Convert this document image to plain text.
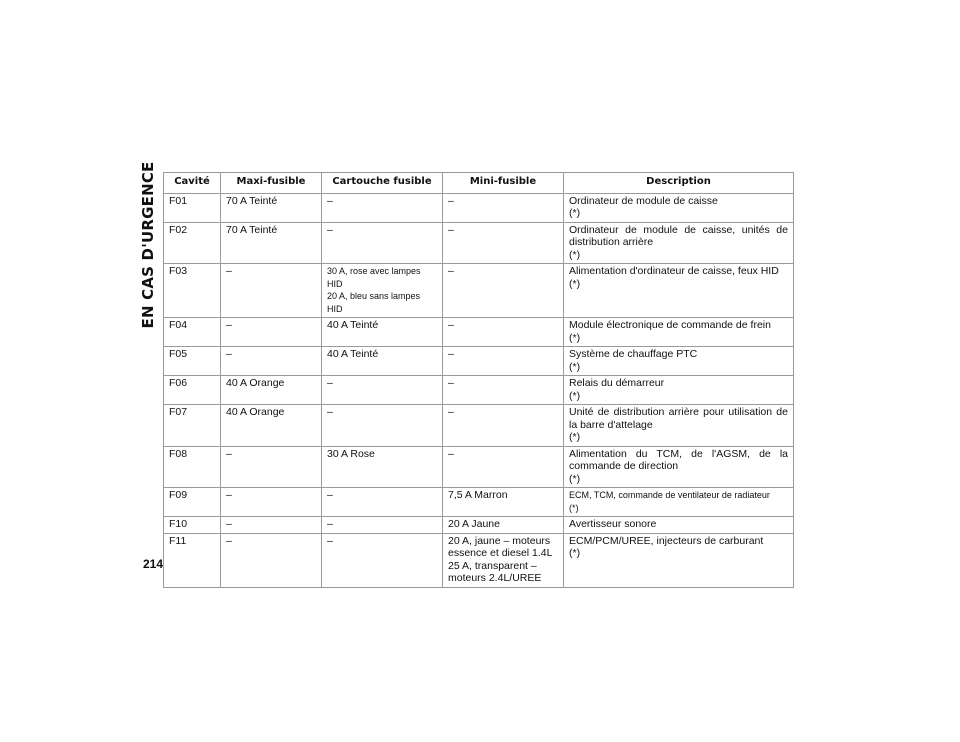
EN CAS D'URGENCE Cavité	Maxi-fusible	Cartouche fusible	Mini-fusible	Description
F01	70 A Teinté	–	–	Ordinateur de module de caisse
(*)

F02	70 A Teinté	–	–	Ordinateur de module de caisse, unités de distribution arrière
(*)

F03	–	30 A, rose avec lampes HID
20 A, bleu sans lampes HID	–	Alimentation d'ordinateur de caisse, feux HID
(*)

F04	–	40 A Teinté	–	Module électronique de commande de frein
(*)

F05	–	40 A Teinté	–	Système de chauffage PTC
(*)

F06	40 A Orange	–	–	Relais du démarreur
(*)

F07	40 A Orange	–	–	Unité de distribution arrière pour utilisation de la barre d'attelage
(*)

F08	–	30 A Rose	–	Alimentation du TCM, de l'AGSM, de la commande de direction
(*)

F09	–	–	7,5 A Marron	ECM, TCM, commande de ventilateur de radiateur
(*)

F10	–	–	20 A Jaune	Avertisseur sonore

F11	–	–	20 A, jaune – moteurs essence et diesel 1.4L
25 A, transparent – moteurs 2.4L/UREE	ECM/PCM/UREE, injecteurs de carburant
(*)
214
